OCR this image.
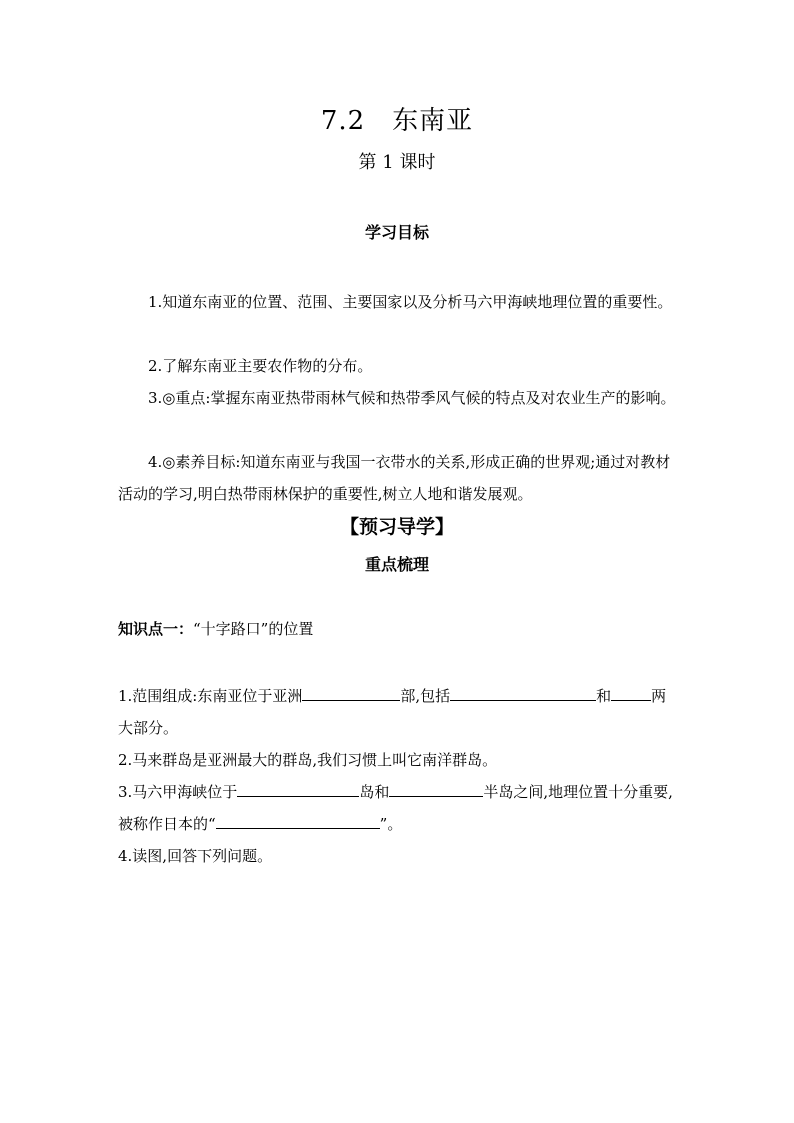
7.2　东南亚
第 1 课时
学习目标
1.知道东南亚的位置、范围、主要国家以及分析马六甲海峡地理位置的重要性。
2.了解东南亚主要农作物的分布。
3.◎重点:掌握东南亚热带雨林气候和热带季风气候的特点及对农业生产的影响。
4.◎素养目标:知道东南亚与我国一衣带水的关系,形成正确的世界观;通过对教材活动的学习,明白热带雨林保护的重要性,树立人地和谐发展观。
【预习导学】
重点梳理
知识点一：“十字路口”的位置
1.范围组成:东南亚位于亚洲	部,包括	和	两大部分。
2.马来群岛是亚洲最大的群岛,我们习惯上叫它南洋群岛。
3.马六甲海峡位于	岛和	半岛之间,地理位置十分重要,被称作日本的“	”。
4.读图,回答下列问题。
